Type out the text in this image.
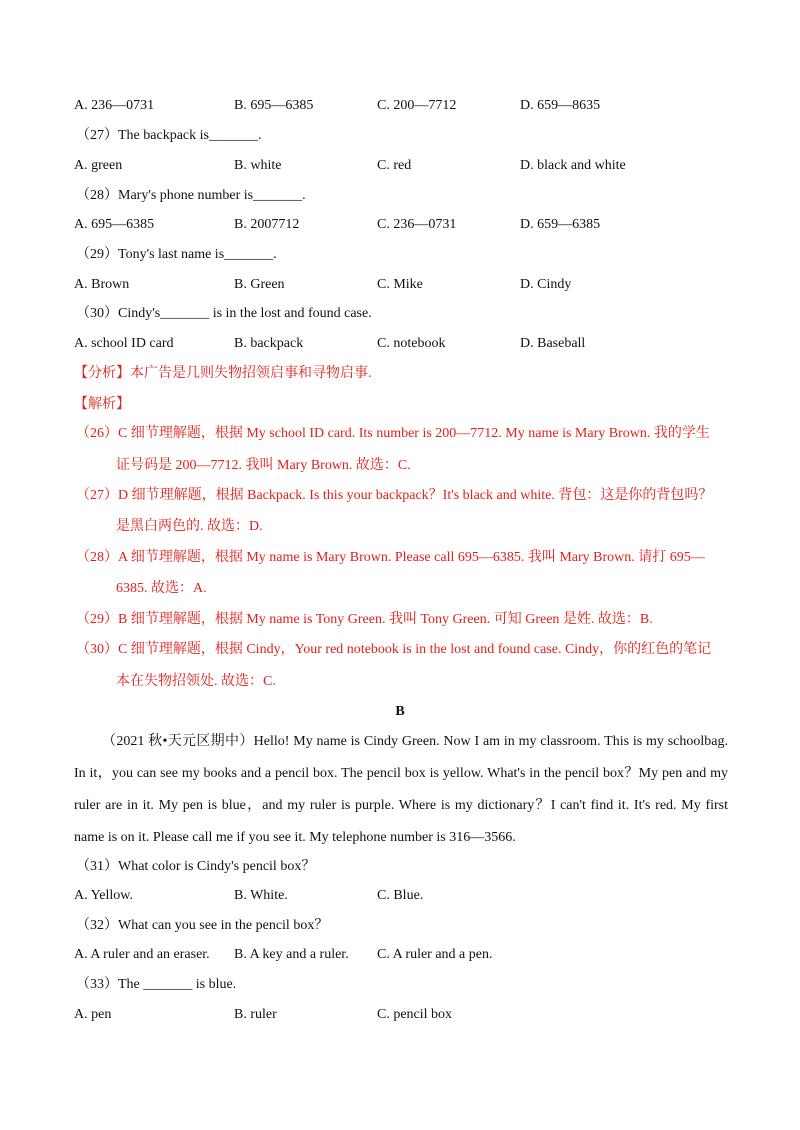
A. 236—0731	B. 695—6385	C. 200—7712	D. 659—8635
（27）The backpack is_______.
A. green	B. white	C. red	D. black and white
（28）Mary's phone number is_______.
A. 695—6385	B. 2007712	C. 236—0731	D. 659—6385
（29）Tony's last name is_______.
A. Brown	B. Green	C. Mike	D. Cindy
（30）Cindy's_______ is in the lost and found case.
A. school ID card	B. backpack	C. notebook	D. Baseball
【分析】本广告是几则失物招领启事和寻物启事.
【解析】
（26）C 细节理解题，根据 My school ID card. Its number is 200—7712. My name is Mary Brown. 我的学生
证号码是 200—7712. 我叫 Mary Brown. 故选：C.
（27）D 细节理解题，根据 Backpack. Is this your backpack？It's black and white. 背包：这是你的背包吗？
是黑白两色的. 故选：D.
（28）A 细节理解题，根据 My name is Mary Brown. Please call 695—6385. 我叫 Mary Brown. 请打 695—
6385. 故选：A.
（29）B 细节理解题，根据 My name is Tony Green. 我叫 Tony Green. 可知 Green 是姓. 故选：B.
（30）C 细节理解题，根据 Cindy，Your red notebook is in the lost and found case. Cindy，你的红色的笔记
本在失物招领处. 故选：C.
B
（2021 秋•天元区期中）Hello! My name is Cindy Green. Now I am in my classroom. This is my schoolbag. In it，you can see my books and a pencil box. The pencil box is yellow. What's in the pencil box？My pen and my ruler are in it. My pen is blue，and my ruler is purple. Where is my dictionary？I can't find it. It's red. My first name is on it. Please call me if you see it. My telephone number is 316—3566.
（31）What color is Cindy's pencil box？
A. Yellow.	B. White.	C. Blue.
（32）What can you see in the pencil box？
A. A ruler and an eraser. B. A key and a ruler. C. A ruler and a pen.
（33）The _______ is blue.
A. pen	B. ruler	C. pencil box
